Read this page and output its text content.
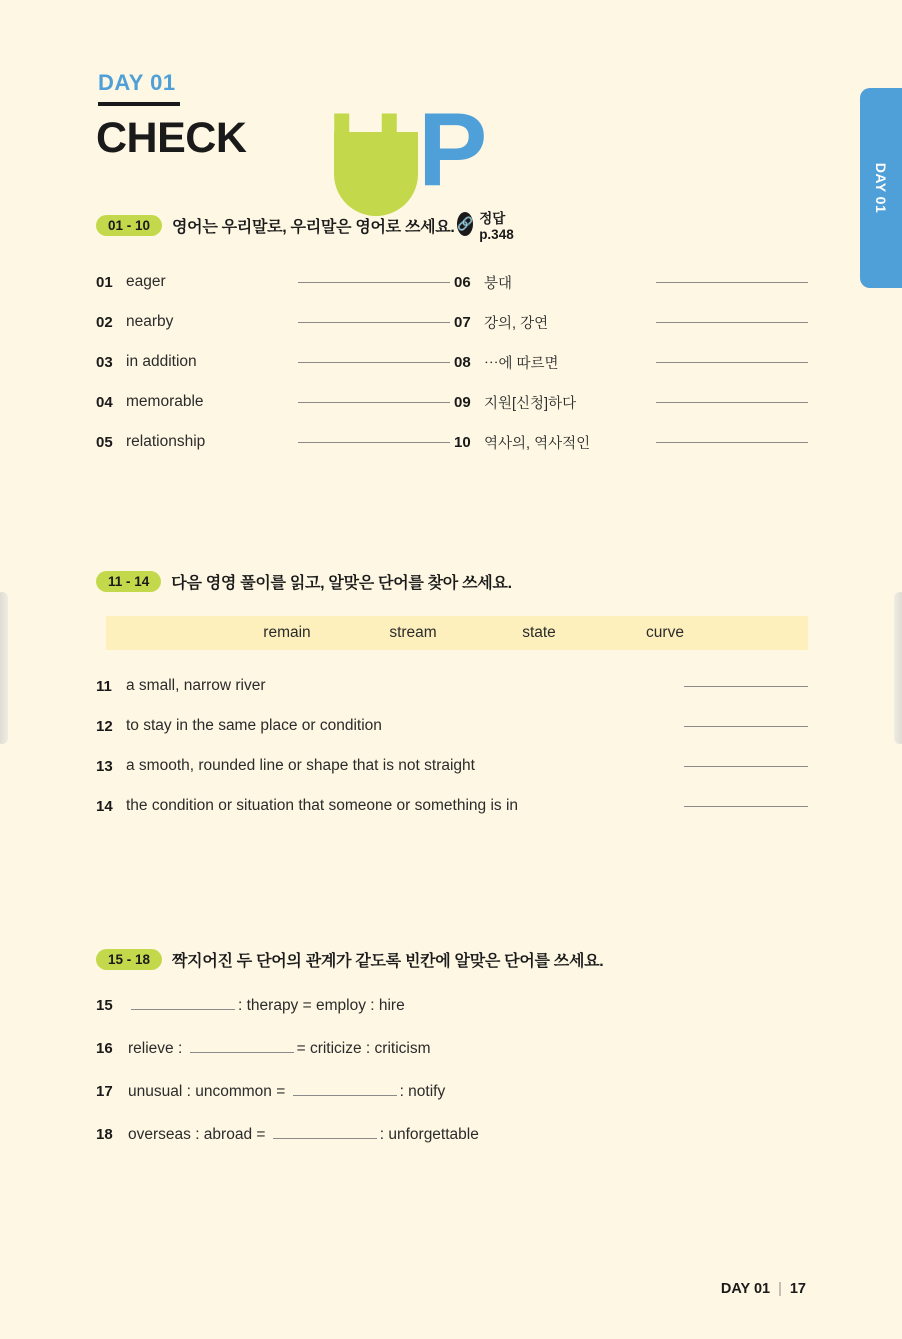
DAY 01
DAY 01
CHECK U P
🔗 정답 p.348
01 - 10	영어는 우리말로, 우리말은 영어로 쓰세요.
01 eager	06 붕대
02 nearby	07 강의, 강연
03 in addition	08 ⋯에 따르면
04 memorable	09 지원[신청]하다
05 relationship	10 역사의, 역사적인
11 - 14	다음 영영 풀이를 읽고, 알맞은 단어를 찾아 쓰세요.
remain	stream	state	curve
11 a small, narrow river
12 to stay in the same place or condition
13 a smooth, rounded line or shape that is not straight
14 the condition or situation that someone or something is in
15 - 18	짝지어진 두 단어의 관계가 같도록 빈칸에 알맞은 단어를 쓰세요.
15	: therapy = employ : hire
16 relieve :	= criticize : criticism
17 unusual : uncommon =	: notify
18 overseas : abroad =	: unforgettable
DAY 01 | 17
